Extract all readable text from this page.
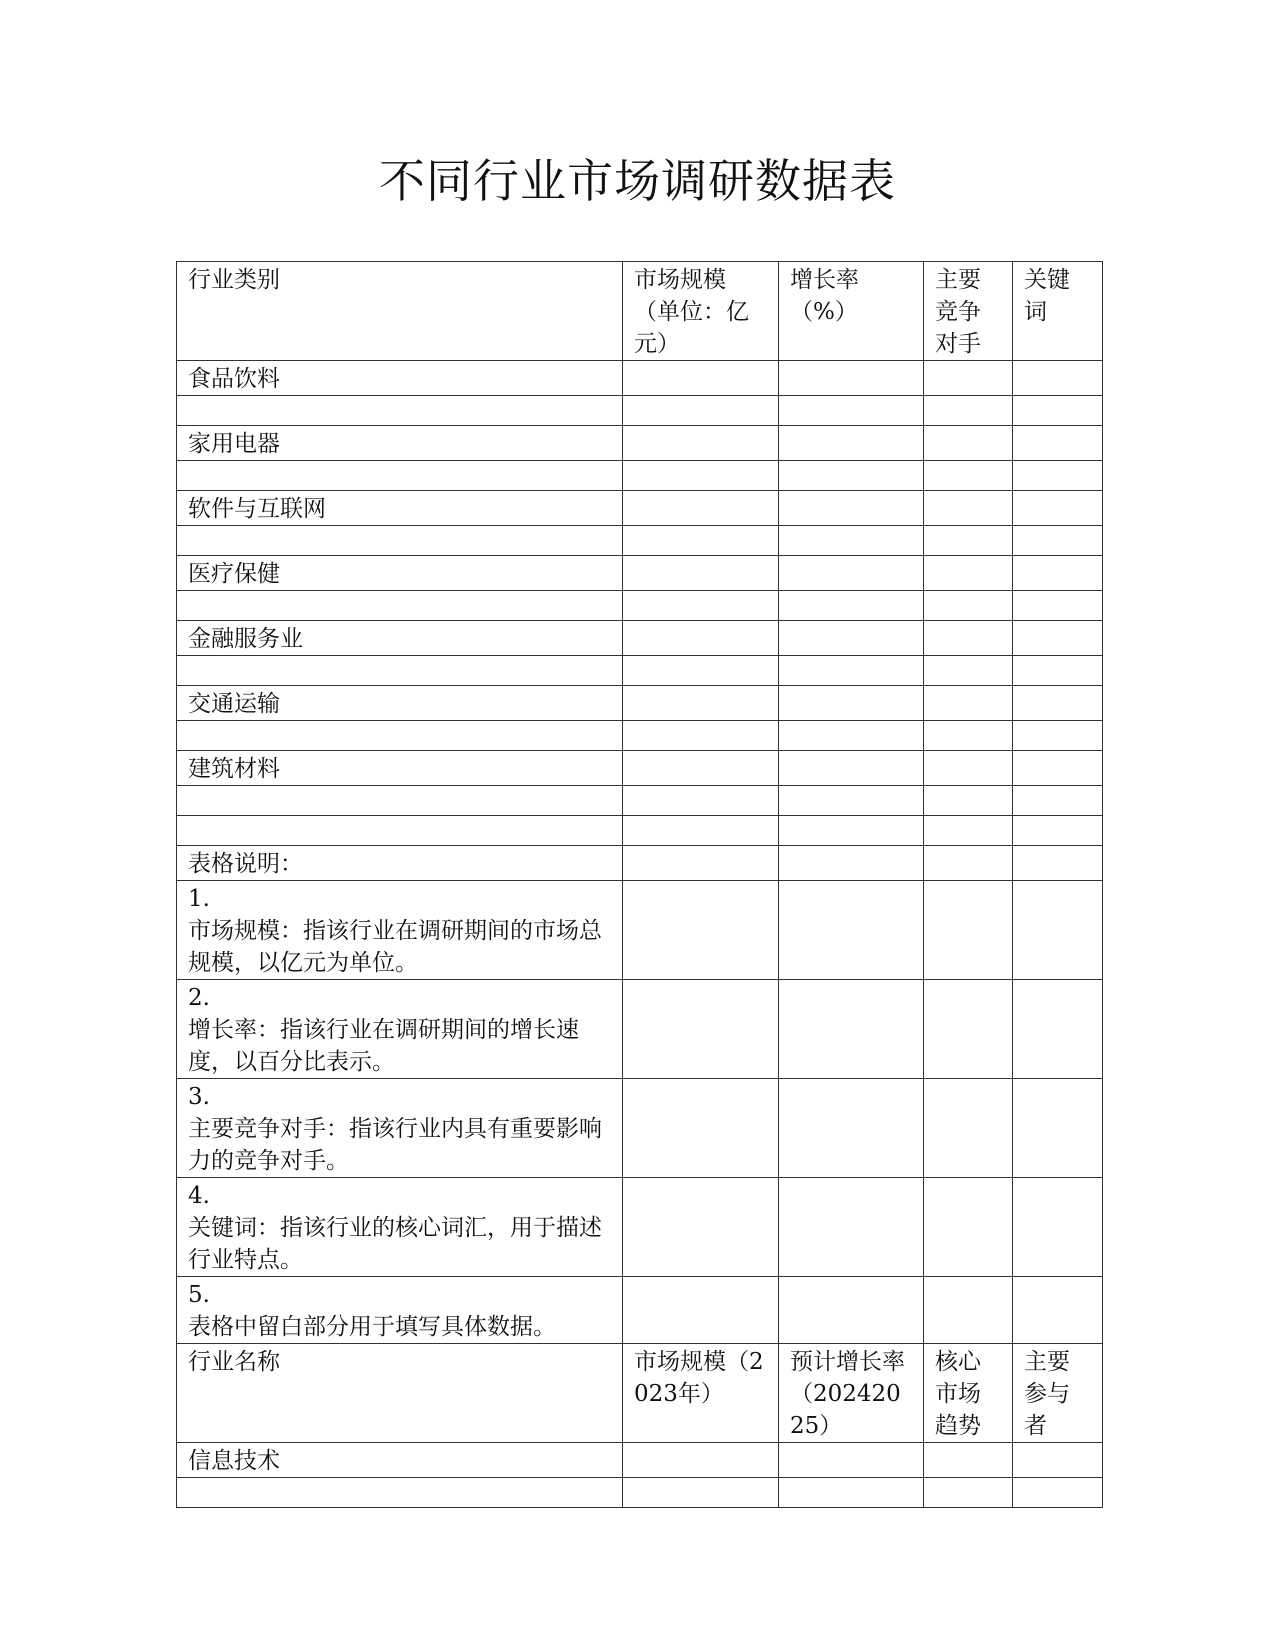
不同行业市场调研数据表
行业类别	市场规模（单位：亿元）	增长率（%）	主要竞争对手	关键词
食品饮料				

家用电器				

软件与互联网				

医疗保健				

金融服务业				

交通运输				

建筑材料				

表格说明：				

1.
市场规模：指该行业在调研期间的市场总规模，以亿元为单位。				

2.
增长率：指该行业在调研期间的增长速度，以百分比表示。				

3.
主要竞争对手：指该行业内具有重要影响力的竞争对手。				

4.
关键词：指该行业的核心词汇，用于描述行业特点。				

5.
表格中留白部分用于填写具体数据。				

行业名称	市场规模（2023年）	预计增长率（20242025）	核心市场趋势	主要参与者
信息技术				
